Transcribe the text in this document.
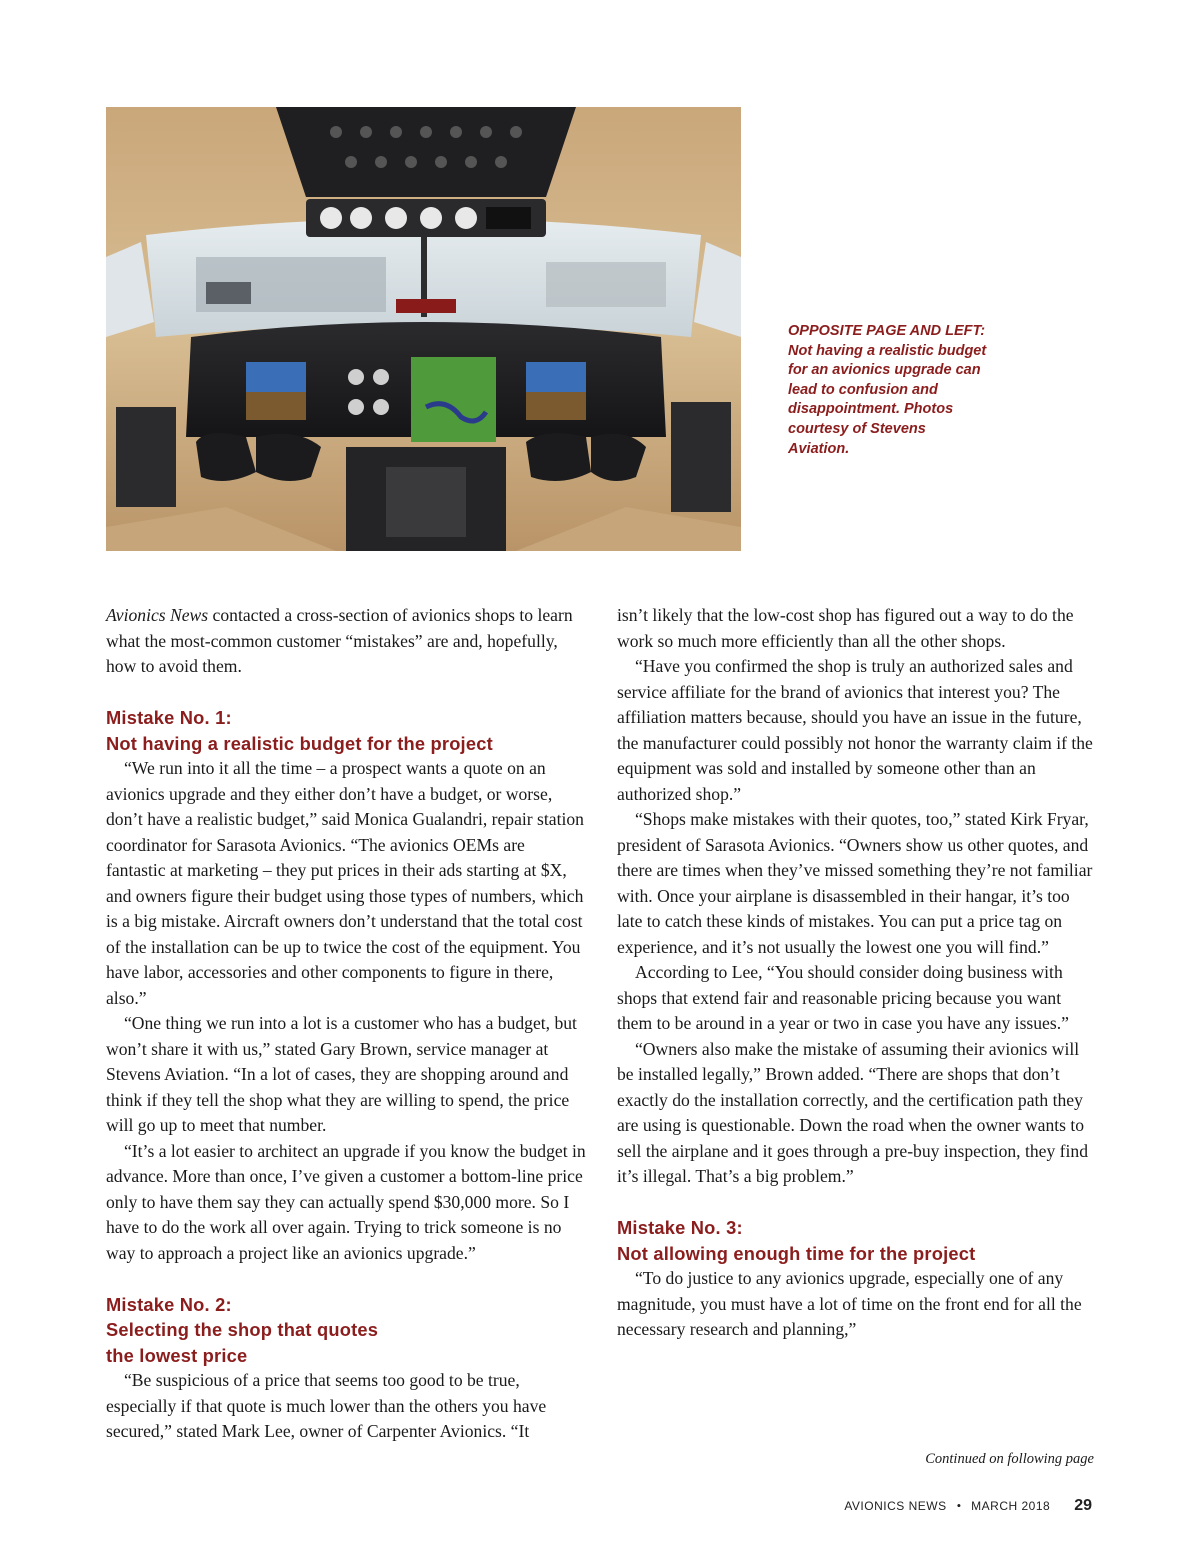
OPPOSITE PAGE AND LEFT: Not having a realistic budget for an avionics upgrade can lead to confusion and disappointment. Photos courtesy of Stevens Aviation.

Avionics News contacted a cross-section of avionics shops to learn what the most-common customer “mistakes” are and, hopefully, how to avoid them.

Mistake No. 1:
Not having a realistic budget for the project

“We run into it all the time – a prospect wants a quote on an avionics upgrade and they either don’t have a budget, or worse, don’t have a realistic budget,” said Monica Gualandri, repair station coordinator for Sarasota Avionics. “The avionics OEMs are fantastic at marketing – they put prices in their ads starting at $X, and owners figure their budget using those types of numbers, which is a big mistake. Aircraft owners don’t understand that the total cost of the installation can be up to twice the cost of the equipment. You have labor, accessories and other components to figure in there, also.”

“One thing we run into a lot is a customer who has a budget, but won’t share it with us,” stated Gary Brown, service manager at Stevens Aviation. “In a lot of cases, they are shopping around and think if they tell the shop what they are willing to spend, the price will go up to meet that number.

“It’s a lot easier to architect an upgrade if you know the budget in advance. More than once, I’ve given a customer a bottom-line price only to have them say they can actually spend $30,000 more. So I have to do the work all over again. Trying to trick someone is no way to approach a project like an avionics upgrade.”

Mistake No. 2:
Selecting the shop that quotes
the lowest price

“Be suspicious of a price that seems too good to be true, especially if that quote is much lower than the others you have secured,” stated Mark Lee, owner of Carpenter Avionics. “It

isn’t likely that the low-cost shop has figured out a way to do the work so much more efficiently than all the other shops.

“Have you confirmed the shop is truly an authorized sales and service affiliate for the brand of avionics that interest you? The affiliation matters because, should you have an issue in the future, the manufacturer could possibly not honor the warranty claim if the equipment was sold and installed by someone other than an authorized shop.”

“Shops make mistakes with their quotes, too,” stated Kirk Fryar, president of Sarasota Avionics. “Owners show us other quotes, and there are times when they’ve missed something they’re not familiar with. Once your airplane is disassembled in their hangar, it’s too late to catch these kinds of mistakes. You can put a price tag on experience, and it’s not usually the lowest one you will find.”

According to Lee, “You should consider doing business with shops that extend fair and reasonable pricing because you want them to be around in a year or two in case you have any issues.”

“Owners also make the mistake of assuming their avionics will be installed legally,” Brown added. “There are shops that don’t exactly do the installation correctly, and the certification path they are using is questionable. Down the road when the owner wants to sell the airplane and it goes through a pre-buy inspection, they find it’s illegal. That’s a big problem.”

Mistake No. 3:
Not allowing enough time for the project

“To do justice to any avionics upgrade, especially one of any magnitude, you must have a lot of time on the front end for all the necessary research and planning,”

Continued on following page
AVIONICS NEWS • MARCH 2018 29
